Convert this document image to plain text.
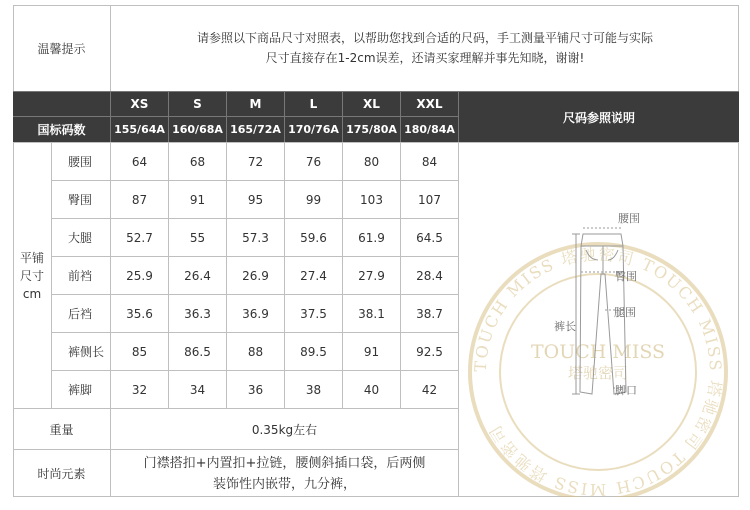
温馨提示
请参照以下商品尺寸对照表，以帮助您找到合适的尺码，手工测量平铺尺寸可能与实际
尺寸直接存在1-2cm误差，还请买家理解并事先知晓，谢谢!
XS	S	M	L	XL	XXL
国标码数	155/64A 160/68A 165/72A 170/76A 175/80A 180/84A
尺码参照说明
平铺
尺寸
cm
腰围	64	68	72	76	80	84
臀围	87	91	95	99	103	107
大腿	52.7	55	57.3	59.6	61.9	64.5
前裆	25.9	26.4	26.9	27.4	27.9	28.4
后裆	35.6	36.3	36.9	37.5	38.1	38.7
裤侧长	85	86.5	88	89.5	91	92.5
裤脚	32	34	36	38	40	42
重量	0.35kg左右
时尚元素
门襟搭扣+内置扣+拉链，腰侧斜插口袋，后两侧
装饰性内嵌带，九分裤，
TOUCH MISS 塔驰密司 TOUCH MISS 塔驰密司 TOUCH MISS 塔驰密司
TOUCH MISS
塔驰密司
腰围
臀围
腿围
裤长
脚口
